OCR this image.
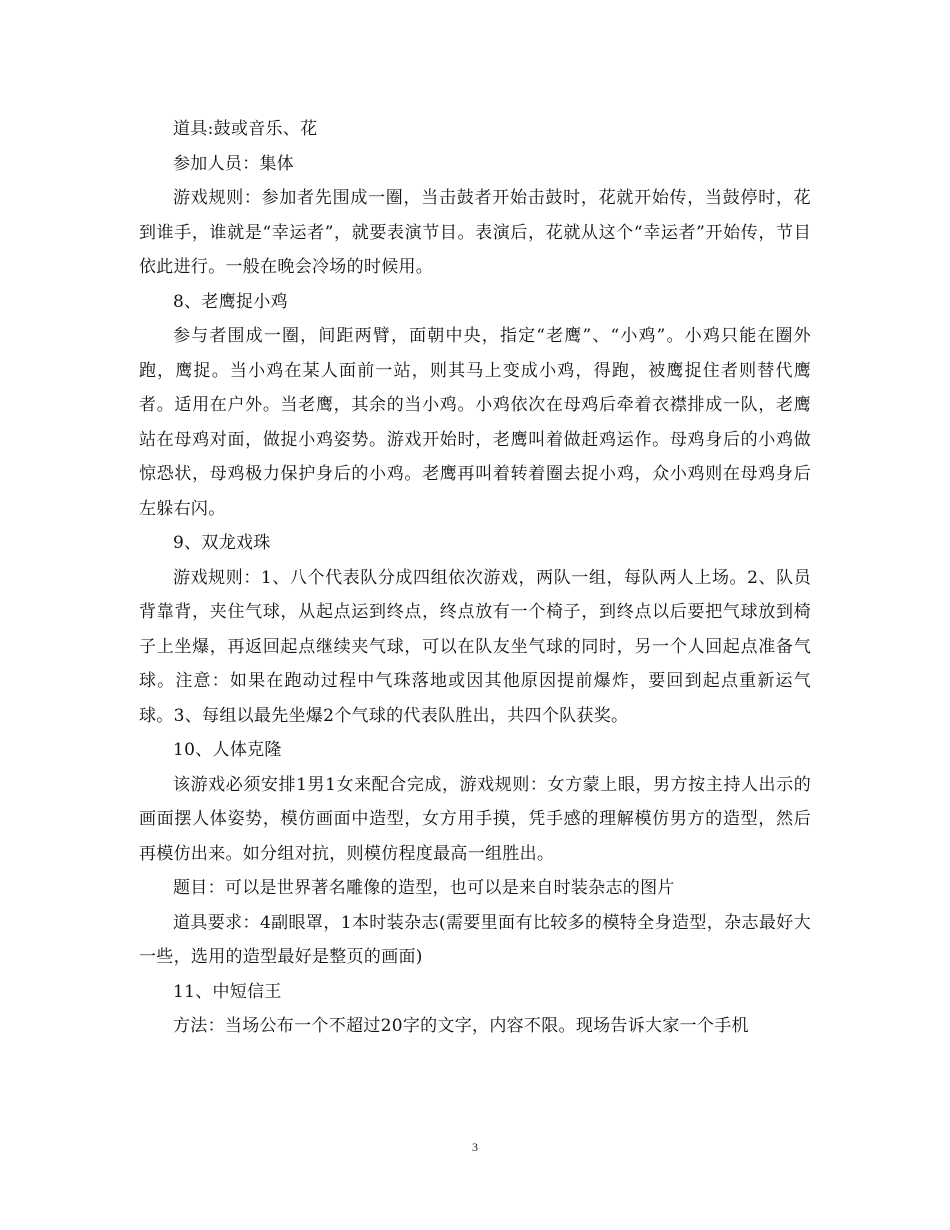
道具:鼓或音乐、花

参加人员：集体

游戏规则：参加者先围成一圈，当击鼓者开始击鼓时，花就开始传，当鼓停时，花到谁手，谁就是“幸运者”，就要表演节目。表演后，花就从这个“幸运者”开始传，节目依此进行。一般在晚会冷场的时候用。

8、老鹰捉小鸡

参与者围成一圈，间距两臂，面朝中央，指定“老鹰”、“小鸡”。小鸡只能在圈外跑，鹰捉。当小鸡在某人面前一站，则其马上变成小鸡，得跑，被鹰捉住者则替代鹰者。适用在户外。当老鹰，其余的当小鸡。小鸡依次在母鸡后牵着衣襟排成一队，老鹰站在母鸡对面，做捉小鸡姿势。游戏开始时，老鹰叫着做赶鸡运作。母鸡身后的小鸡做惊恐状，母鸡极力保护身后的小鸡。老鹰再叫着转着圈去捉小鸡，众小鸡则在母鸡身后左躲右闪。

9、双龙戏珠

游戏规则：1、八个代表队分成四组依次游戏，两队一组，每队两人上场。2、队员背靠背，夹住气球，从起点运到终点，终点放有一个椅子，到终点以后要把气球放到椅子上坐爆，再返回起点继续夹气球，可以在队友坐气球的同时，另一个人回起点准备气球。注意：如果在跑动过程中气珠落地或因其他原因提前爆炸，要回到起点重新运气球。3、每组以最先坐爆2个气球的代表队胜出，共四个队获奖。

10、人体克隆

该游戏必须安排1男1女来配合完成，游戏规则：女方蒙上眼，男方按主持人出示的画面摆人体姿势，模仿画面中造型，女方用手摸，凭手感的理解模仿男方的造型，然后再模仿出来。如分组对抗，则模仿程度最高一组胜出。

题目：可以是世界著名雕像的造型，也可以是来自时装杂志的图片

道具要求：4副眼罩，1本时装杂志(需要里面有比较多的模特全身造型，杂志最好大一些，选用的造型最好是整页的画面)

11、中短信王

方法：当场公布一个不超过20字的文字，内容不限。现场告诉大家一个手机

3
